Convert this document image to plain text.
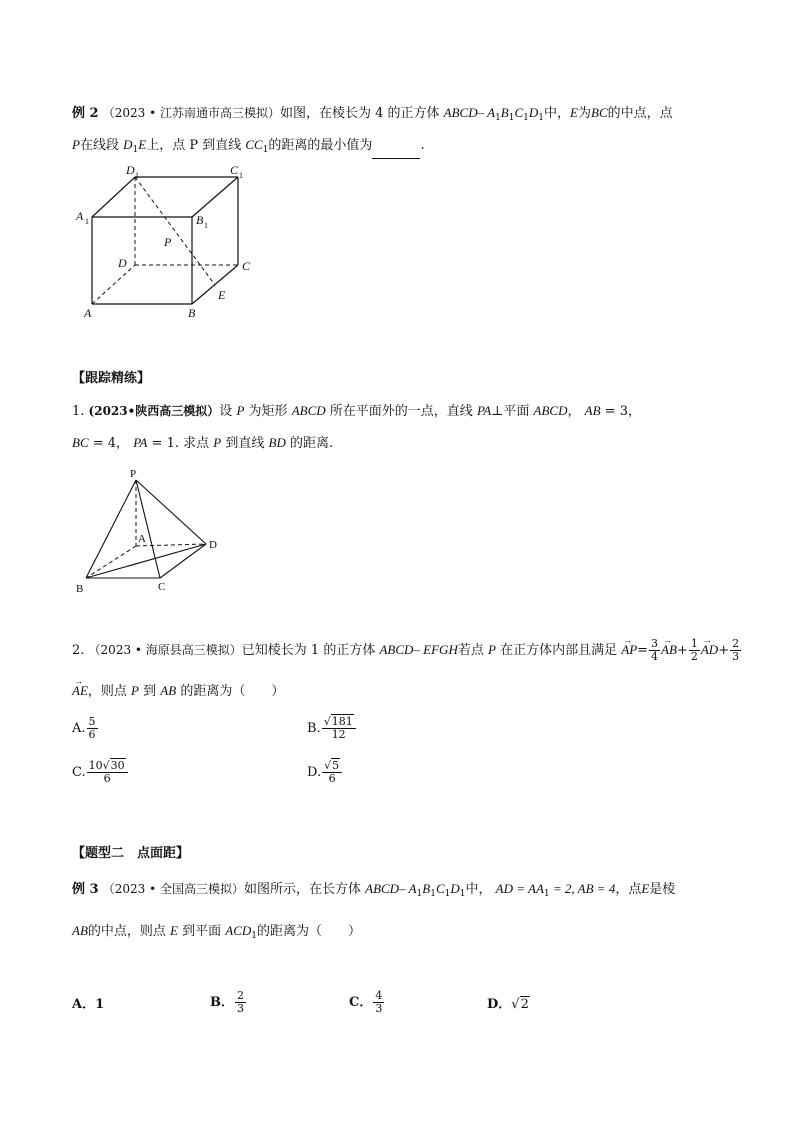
例 2 （2023 • 江苏南通市高三模拟）如图，在棱长为 4 的正方体 ABCD– $A_1B_1C_1D_1$中，E为BC的中点，点
P在线段 $D_1E$上，点 P 到直线 $CC_1$的距离的最小值为	.
D 1	C 1
A 1	B 1
P
D	C
A	B
E
【跟踪精练】
1. (2023•陕西高三模拟）设 P 为矩形 ABCD 所在平面外的一点，直线 PA⊥平面 ABCD， AB = 3，
BC = 4， PA = 1. 求点 P 到直线 BD 的距离.
P
A	D
B	C
2. （2023 • 海原县高三模拟）已知棱长为 1 的正方体 ABCD– EFGH若点 P 在正方体内部且满足 → $AP= \frac{3}{4}$
→ $AB+ \frac{1}{2}$
→ $AD+ \frac{2}{3}$
→ AE，则点 P 到 AB 的距离为（　　）
A. $\frac{5}{6}$	B. $\frac{√181}{12}$
C. $\frac{10√30}{6}$	D. $\frac{√5}{6}$
【题型二　点面距】
例 3 （2023 • 全国高三模拟）如图所示，在长方体 ABCD– $A_1B_1C_1D_1$中， AD = $AA_1 = 2$, AB = 4，点E是棱
AB的中点，则点 E 到平面 $ACD_1$的距离为（　　）
A．1	B． $\frac{2}{3}$	C． $\frac{4}{3}$	D．√2
